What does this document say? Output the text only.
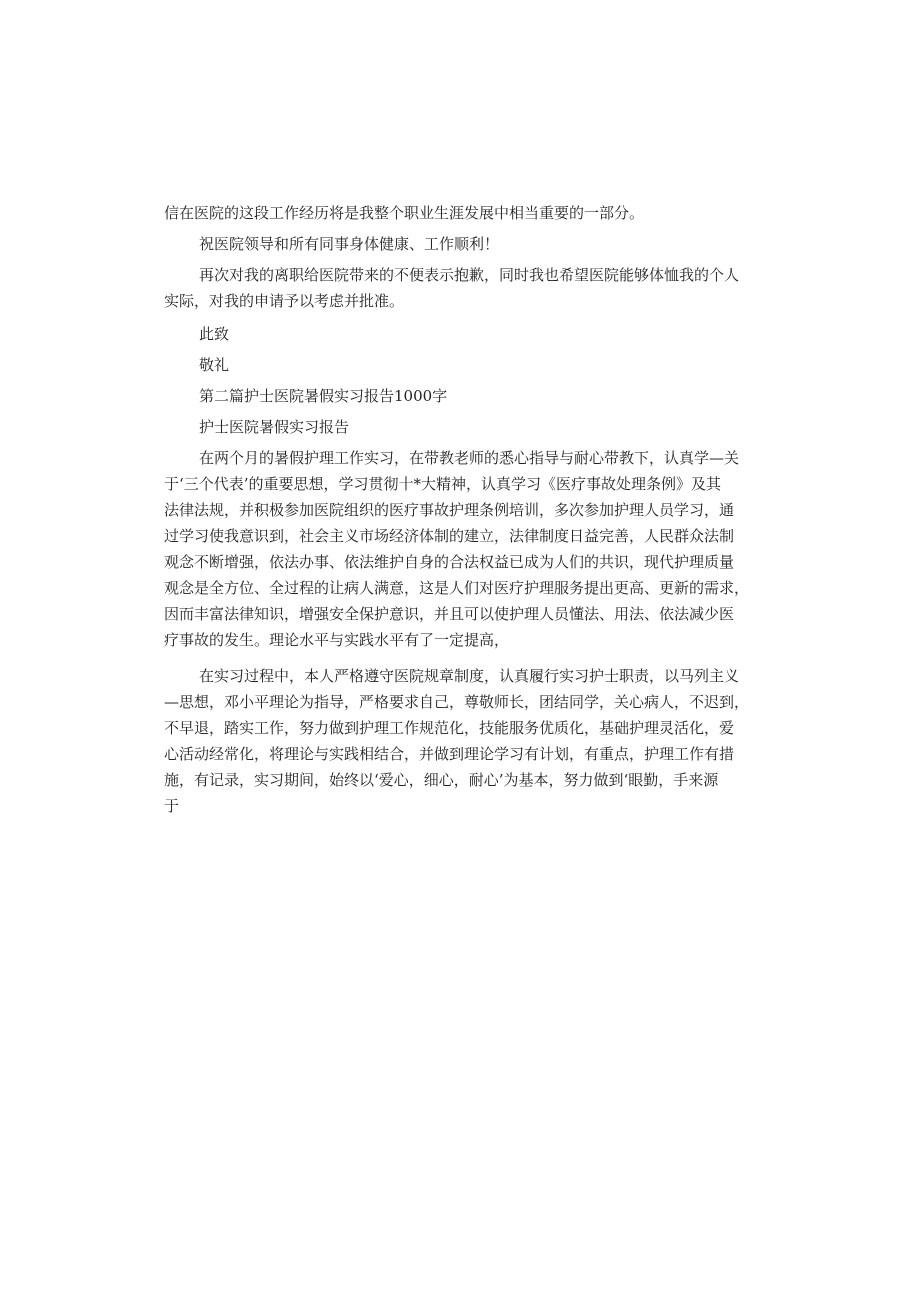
信在医院的这段工作经历将是我整个职业生涯发展中相当重要的一部分。
祝医院领导和所有同事身体健康、工作顺利！
再次对我的离职给医院带来的不便表示抱歉，同时我也希望医院能够体恤我的个人
实际，对我的申请予以考虑并批准。
此致
敬礼
第二篇护士医院暑假实习报告1000字
护士医院暑假实习报告
在两个月的暑假护理工作实习，在带教老师的悉心指导与耐心带教下，认真学—关
于‘三个代表’的重要思想，学习贯彻十*大精神，认真学习《医疗事故处理条例》及其
法律法规，并积极参加医院组织的医疗事故护理条例培训，多次参加护理人员学习，通
过学习使我意识到，社会主义市场经济体制的建立，法律制度日益完善，人民群众法制
观念不断增强，依法办事、依法维护自身的合法权益已成为人们的共识，现代护理质量
观念是全方位、全过程的让病人满意，这是人们对医疗护理服务提出更高、更新的需求，
因而丰富法律知识，增强安全保护意识，并且可以使护理人员懂法、用法、依法减少医
疗事故的发生。理论水平与实践水平有了一定提高，
在实习过程中，本人严格遵守医院规章制度，认真履行实习护士职责，以马列主义
—思想，邓小平理论为指导，严格要求自己，尊敬师长，团结同学，关心病人，不迟到，
不早退，踏实工作，努力做到护理工作规范化，技能服务优质化，基础护理灵活化，爱
心活动经常化，将理论与实践相结合，并做到理论学习有计划，有重点，护理工作有措
施，有记录，实习期间，始终以‘爱心，细心，耐心’为基本，努力做到‘眼勤，手来源
于
